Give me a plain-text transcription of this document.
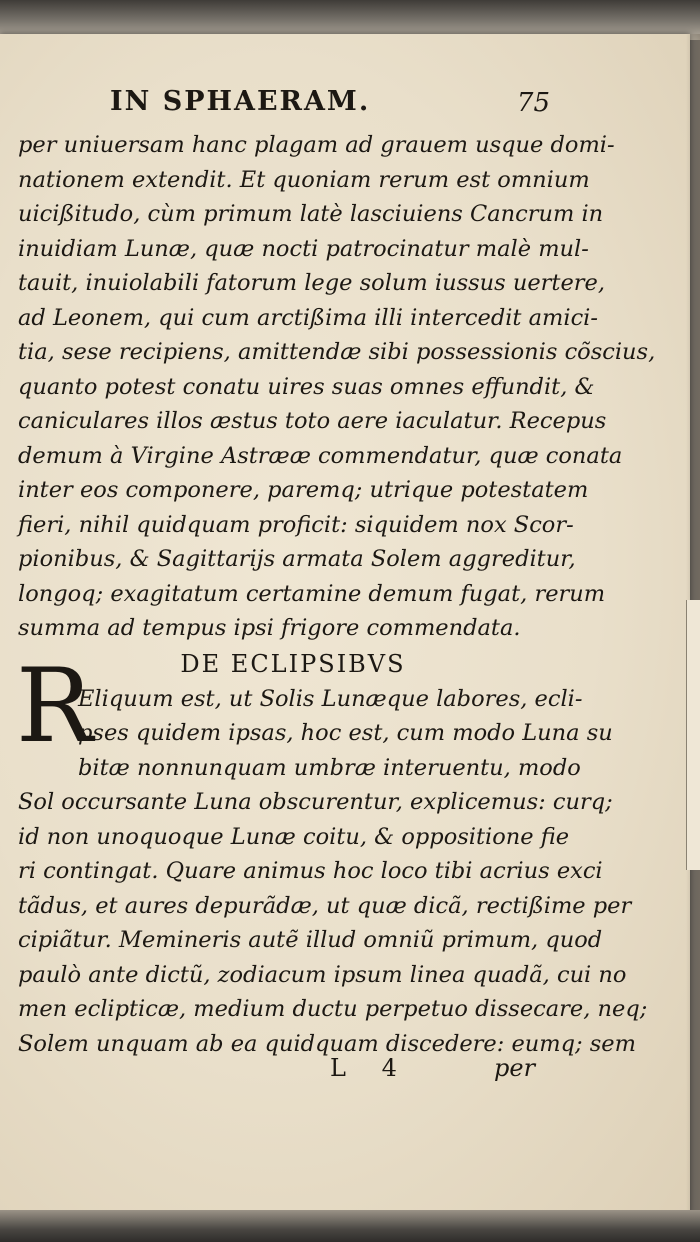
IN SPHAERAM.	75
per uniuersam hanc plagam ad grauem usque domi-
nationem extendit. Et quoniam rerum est omnium
uicißitudo, cùm primum latè lasciuiens Cancrum in
inuidiam Lunæ, quæ nocti patrocinatur malè mul-
tauit, inuiolabili fatorum lege solum iussus uertere,
ad Leonem, qui cum arctißima illi intercedit amici-
tia, sese recipiens, amittendæ sibi possessionis cõscius,
quanto potest conatu uires suas omnes effundit, &
caniculares illos æstus toto aere iaculatur. Recepus
demum à Virgine Astrææ commendatur, quæ conata
inter eos componere, paremq; utrique potestatem
fieri, nihil quidquam proficit: siquidem nox Scor-
pionibus, & Sagittarijs armata Solem aggreditur,
longoq; exagitatum certamine demum fugat, rerum
summa ad tempus ipsi frigore commendata.
DE ECLIPSIBVS
Eliquum est, ut Solis Lunæque labores, ecli-
pses quidem ipsas, hoc est, cum modo Luna su
bitæ nonnunquam umbræ interuentu, modo
Sol occursante Luna obscurentur, explicemus: curq;
id non unoquoque Lunæ coitu, & oppositione fie
ri contingat. Quare animus hoc loco tibi acrius exci
tãdus, et aures depurãdæ, ut quæ dicã, rectißime per
cipiãtur. Memineris autẽ illud omniũ primum, quod
paulò ante dictũ, zodiacum ipsum linea quadã, cui no
men eclipticæ, medium ductu perpetuo dissecare, neq;
Solem unquam ab ea quidquam discedere: eumq; sem
R
L 4	per
